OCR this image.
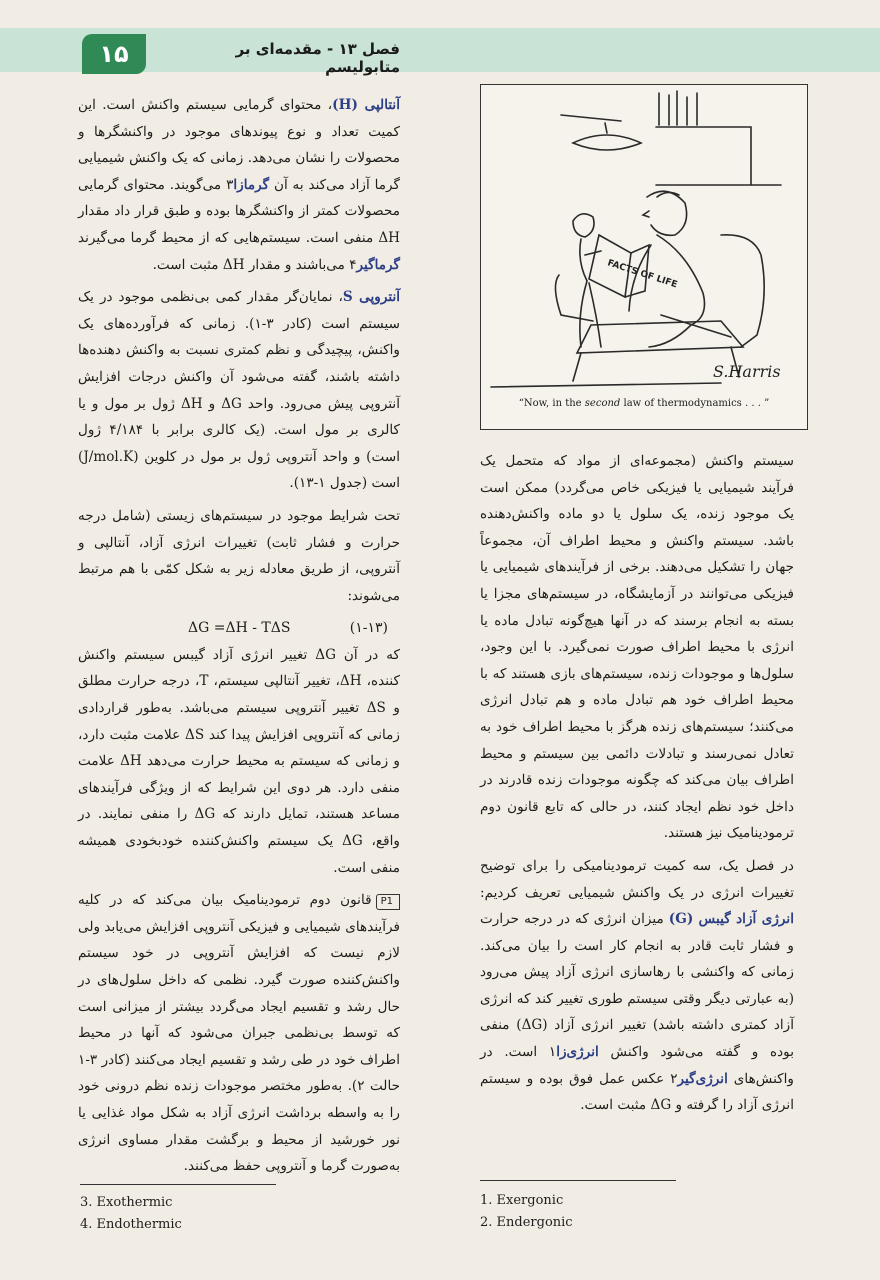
۱۵	فصل ۱۳ - مقدمه‌ای بر متابولیسم

آنتالپی (H)، محتوای گرمایی سیستم واکنش است. این کمیت تعداد و نوع پیوندهای موجود در واکنشگرها و محصولات را نشان می‌دهد. زمانی که یک واکنش شیمیایی گرما آزاد می‌کند به آن گرمازا۳ می‌گویند. محتوای گرمایی محصولات کمتر از واکنشگرها بوده و طبق قرار داد مقدار ΔH منفی است. سیستم‌هایی که از محیط گرما می‌گیرند گرماگیر۴ می‌باشند و مقدار ΔH مثبت است.

آنتروپی S، نمایان‌گر مقدار کمی بی‌نظمی موجود در یک سیستم است (کادر ۳-۱). زمانی که فرآورده‌های یک واکنش، پیچیدگی و نظم کمتری نسبت به واکنش دهنده‌ها داشته باشند، گفته می‌شود آن واکنش درجات افزایش آنتروپی پیش می‌رود. واحد ΔG و ΔH ژول بر مول و یا کالری بر مول است. (یک کالری برابر با ۴/۱۸۴ ژول است) و واحد آنتروپی ژول بر مول در کلوین (J/mol.K) است (جدول ۱-۱۳).

تحت شرایط موجود در سیستم‌های زیستی (شامل درجه حرارت و فشار ثابت) تغییرات انرژی آزاد، آنتالپی و آنتروپی، از طریق معادله زیر به شکل کمّی با هم مرتبط می‌شوند:

ΔG =ΔH - TΔS	(۱-۱۳)

که در آن ΔG تغییر انرژی آزاد گیبس سیستم واکنش کننده، ΔH، تغییر آنتالپی سیستم، T، درجه حرارت مطلق و ΔS تغییر آنتروپی سیستم می‌باشد. به‌طور قراردادی زمانی که آنتروپی افزایش پیدا کند ΔS علامت مثبت دارد، و زمانی که سیستم به محیط حرارت می‌دهد ΔH علامت منفی دارد. هر دوی این شرایط که از ویژگی فرآیندهای مساعد هستند، تمایل دارند که ΔG را منفی نمایند. در واقع، ΔG یک سیستم واکنش‌کننده خودبخودی همیشه منفی است.

P1قانون دوم ترمودینامیک بیان می‌کند که در کلیه فرآیندهای شیمیایی و فیزیکی آنتروپی افزایش می‌یابد ولی لازم نیست که افزایش آنتروپی در خود سیستم واکنش‌کننده صورت گیرد. نظمی که داخل سلول‌های در حال رشد و تقسیم ایجاد می‌گردد بیشتر از میزانی است که توسط بی‌نظمی جبران می‌شود که آنها در محیط اطراف خود در طی رشد و تقسیم ایجاد می‌کنند (کادر ۳-۱ حالت ۲). به‌طور مختصر موجودات زنده نظم درونی خود را به واسطه برداشت انرژی آزاد به شکل مواد غذایی یا نور خورشید از محیط و برگشت مقدار مساوی انرژی به‌صورت گرما و آنتروپی حفظ می‌کنند.

FACTS OF LIFE
S.Harris
“Now, in the second law of thermodynamics . . . ”

سیستم واکنش (مجموعه‌ای از مواد که متحمل یک فرآیند شیمیایی یا فیزیکی خاص می‌گردد) ممکن است یک موجود زنده، یک سلول یا دو ماده واکنش‌دهنده باشد. سیستم واکنش و محیط اطراف آن، مجموعاً جهان را تشکیل می‌دهند. برخی از فرآیندهای شیمیایی یا فیزیکی می‌توانند در آزمایشگاه، در سیستم‌های مجزا یا بسته به انجام برسند که در آنها هیچ‌گونه تبادل ماده یا انرژی با محیط اطراف صورت نمی‌گیرد. با این وجود، سلول‌ها و موجودات زنده، سیستم‌های بازی هستند که با محیط اطراف خود هم تبادل ماده و هم تبادل انرژی می‌کنند؛ سیستم‌های زنده هرگز با محیط اطراف خود به تعادل نمی‌رسند و تبادلات دائمی بین سیستم و محیط اطراف بیان می‌کند که چگونه موجودات زنده قادرند در داخل خود نظم ایجاد کنند، در حالی که تابع قانون دوم ترمودینامیک نیز هستند.

در فصل یک، سه کمیت ترمودینامیکی را برای توضیح تغییرات انرژی در یک واکنش شیمیایی تعریف کردیم: انرژی آزاد گیبس (G) میزان انرژی که در درجه حرارت و فشار ثابت قادر به انجام کار است را بیان می‌کند. زمانی که واکنشی با رهاسازی انرژی آزاد پیش می‌رود (به عبارتی دیگر وقتی سیستم طوری تغییر کند که انرژی آزاد کمتری داشته باشد) تغییر انرژی آزاد (ΔG) منفی بوده و گفته می‌شود واکنش انرژی‌زا۱ است. در واکنش‌های انرژی‌گیر۲ عکس عمل فوق بوده و سیستم انرژی آزاد را گرفته و ΔG مثبت است.

3. Exothermic
4. Endothermic
1. Exergonic
2. Endergonic
